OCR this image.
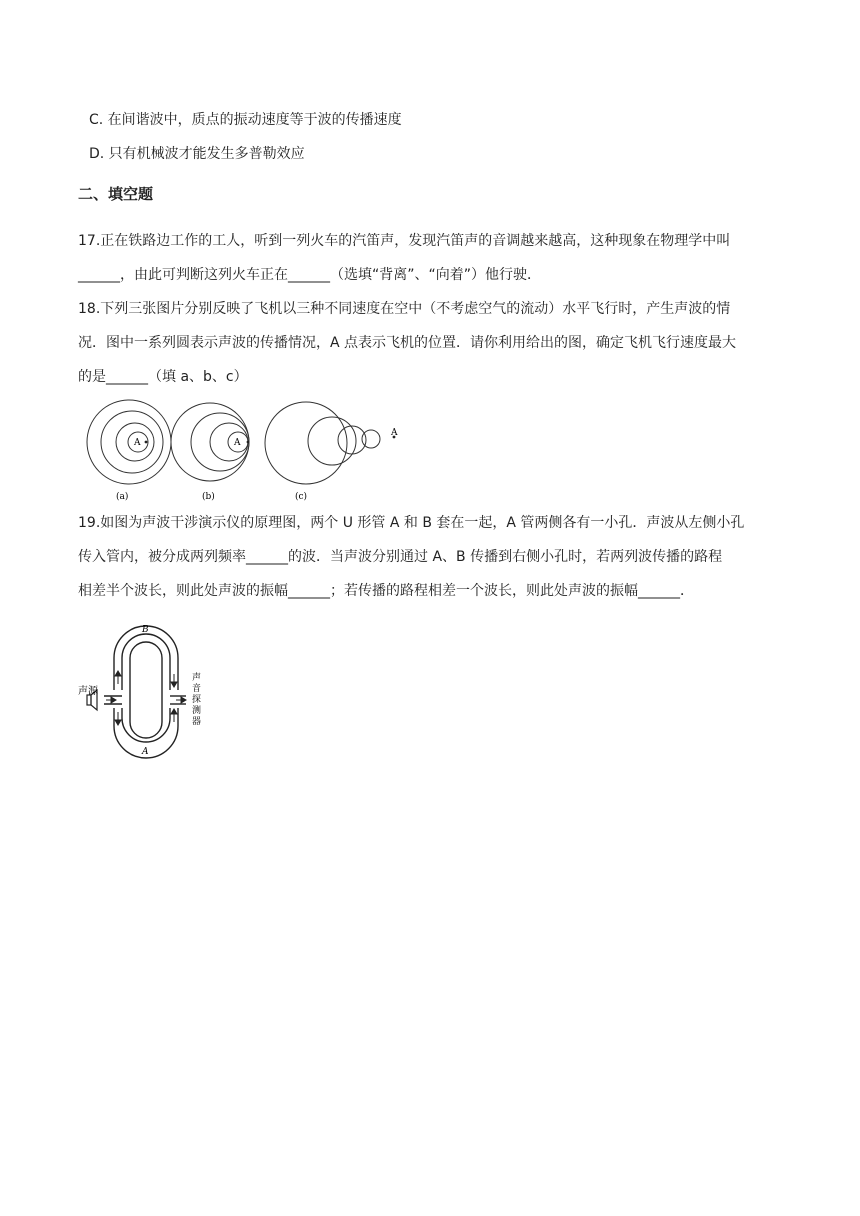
C. 在间谐波中，质点的振动速度等于波的传播速度
D. 只有机械波才能发生多普勒效应
二、填空题
17.正在铁路边工作的工人，听到一列火车的汽笛声，发现汽笛声的音调越来越高，这种现象在物理学中叫
______，由此可判断这列火车正在______（选填“背离”、“向着”）他行驶．
18.下列三张图片分别反映了飞机以三种不同速度在空中（不考虑空气的流动）水平飞行时，产生声波的情
况．图中一系列圆表示声波的传播情况，A 点表示飞机的位置．请你利用给出的图，确定飞机飞行速度最大
的是______（填 a、b、c）
A	A
A
(a)	(b)	(c)
19.如图为声波干涉演示仪的原理图，两个 U 形管 A 和 B 套在一起，A 管两侧各有一小孔．声波从左侧小孔
传入管内，被分成两列频率______的波．当声波分别通过 A、B 传播到右侧小孔时，若两列波传播的路程
相差半个波长，则此处声波的振幅______；若传播的路程相差一个波长，则此处声波的振幅______．
B
A
声源
声
音
探
测
器
